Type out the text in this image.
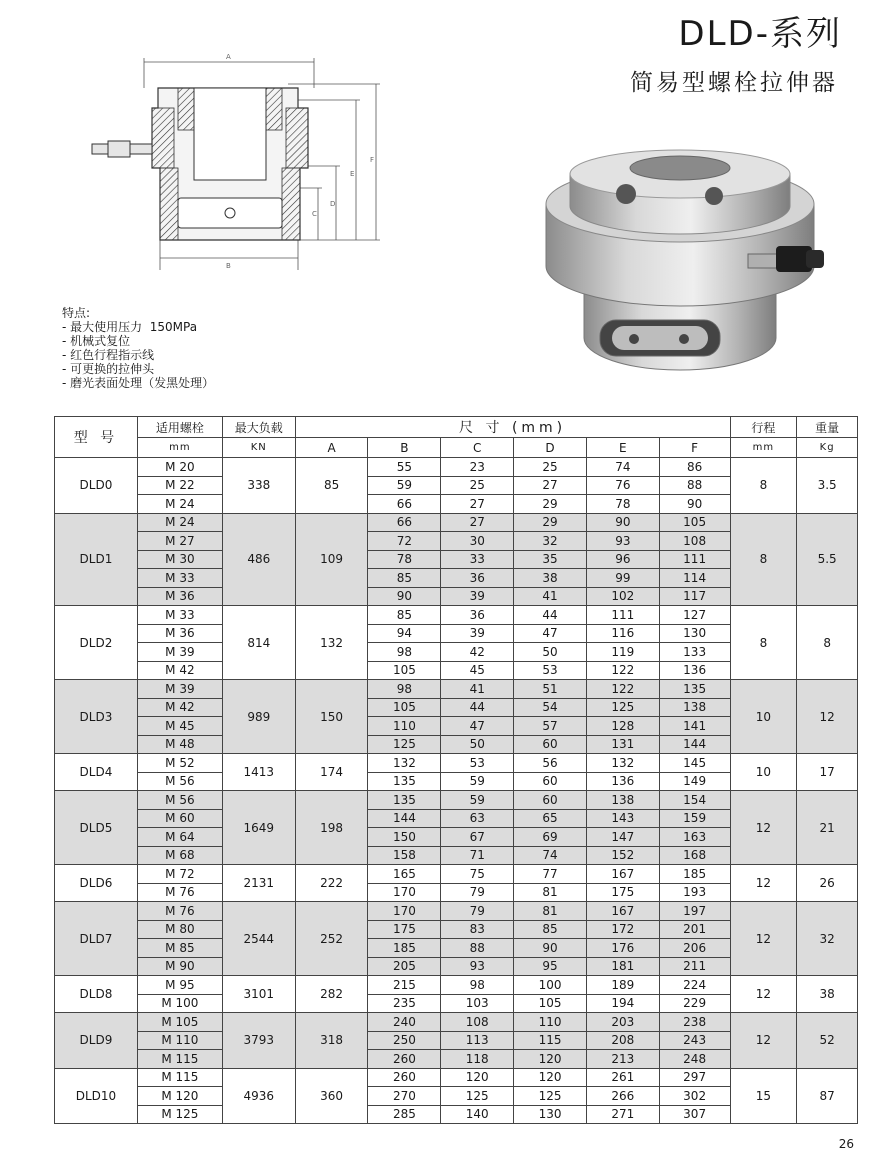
DLD-系列
简易型螺栓拉伸器
A
B
C
D
E
F
特点:
- 最大使用压力  150MPa
- 机械式复位
- 红色行程指示线
- 可更换的拉伸头
- 磨光表面处理（发黑处理）
型 号	适用螺栓	最大负载	尺 寸 (mm)						行程	重量
	mm	KN	A	B	C	D	E	F	mm	Kg
DLD0	M 20	338	85	55	23	25	74	86	8	3.5
	M 22			59	25	27	76	88		
	M 24			66	27	29	78	90		
DLD1	M 24	486	109	66	27	29	90	105	8	5.5
	M 27			72	30	32	93	108		
	M 30			78	33	35	96	111		
	M 33			85	36	38	99	114		
	M 36			90	39	41	102	117		
DLD2	M 33	814	132	85	36	44	111	127	8	8
	M 36			94	39	47	116	130		
	M 39			98	42	50	119	133		
	M 42			105	45	53	122	136		
DLD3	M 39	989	150	98	41	51	122	135	10	12
	M 42			105	44	54	125	138		
	M 45			110	47	57	128	141		
	M 48			125	50	60	131	144		
DLD4	M 52	1413	174	132	53	56	132	145	10	17
	M 56			135	59	60	136	149		
DLD5	M 56	1649	198	135	59	60	138	154	12	21
	M 60			144	63	65	143	159		
	M 64			150	67	69	147	163		
	M 68			158	71	74	152	168		
DLD6	M 72	2131	222	165	75	77	167	185	12	26
	M 76			170	79	81	175	193		
DLD7	M 76	2544	252	170	79	81	167	197	12	32
	M 80			175	83	85	172	201		
	M 85			185	88	90	176	206		
	M 90			205	93	95	181	211		
DLD8	M 95	3101	282	215	98	100	189	224	12	38
	M 100			235	103	105	194	229		
DLD9	M 105	3793	318	240	108	110	203	238	12	52
	M 110			250	113	115	208	243		
	M 115			260	118	120	213	248		
DLD10	M 115	4936	360	260	120	120	261	297	15	87
	M 120			270	125	125	266	302		
	M 125			285	140	130	271	307		
26
